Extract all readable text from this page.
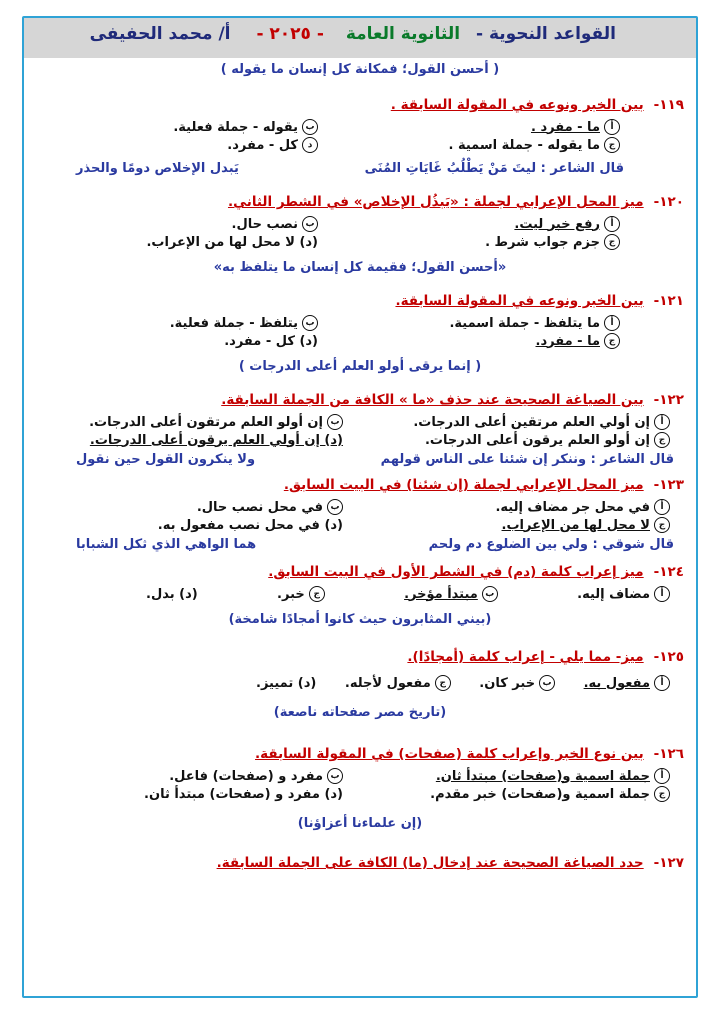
القواعد النحوية - الثانوية العامة - ٢٠٢٥ - أ/ محمد الحفيفى
( أحسن القول؛ فمكانة كل إنسان ما يقوله )
١١٩-
بين الخبر ونوعه في المقولة السابقة .
أ
ما - مفرد .
ب
يقوله - جملة فعلية.
ج
ما يقوله - جملة اسمية .
د
كل - مفرد.
قال الشاعر : ليتَ مَنْ يَطْلُبُ غَايَاتِ المُنَى
يَبدل الإخلاص دومًا والحذر
١٢٠-
ميز المحل الإعرابي لجملة : «يَبذُل الإخلاص» في الشطر الثاني.
أ
رفع خبر ليت.
ب
نصب حال.
ج
جزم جواب شرط .
(د) لا محل لها من الإعراب.
«أحسن القول؛ فقيمة كل إنسان ما يتلفظ به»
١٢١-
بين الخبر ونوعه في المقولة السابقة.
أ
ما يتلفظ - جملة اسمية.
ب
يتلفظ - جملة فعلية.
ج
ما - مفرد.
(د) كل - مفرد.
( إنما يرقى أولو العلم أعلى الدرجات )
١٢٢-
بين الصياغة الصحيحة عند حذف «ما » الكافة من الجملة السابقة.
أ
إن أولي العلم مرتقين أعلى الدرجات.
ب
إن أولو العلم مرتقون أعلى الدرجات.
ج
إن أولو العلم يرقون أعلى الدرجات.
(د) إن أولي العلم يرقون أعلى الدرجات.
قال الشاعر : وننكر إن شئنا على الناس قولهم
ولا ينكرون القول حين نقول
١٢٣-
ميز المحل الإعرابي لجملة (إن شئنا) في البيت السابق.
أ
في محل جر مضاف إليه.
ب
في محل نصب حال.
ج
لا محل لها من الإعراب.
(د) في محل نصب مفعول به.
قال شوقي : ولي بين الضلوع دم ولحم
هما الواهي الذي ثكل الشبابا
١٢٤-
ميز إعراب كلمة (دم) في الشطر الأول في البيت السابق.
أ
مضاف إليه.
ب
مبتدأ مؤخر.
ج
خبر.
(د) بدل.
(بيني المثابرون حيث كانوا أمجادًا شامخة)
١٢٥-
ميز- مما يلي - إعراب كلمة (أمجادًا).
أ
مفعول به.
ب
خبر كان.
ج
مفعول لأجله.
(د) تمييز.
(تاريخ مصر صفحاته ناصعة)
١٢٦-
بين نوع الخبر وإعراب كلمة (صفحات) في المقولة السابقة.
أ
جملة اسمية و(صفحات) مبتدأ ثان.
ب
مفرد و (صفحات) فاعل.
ج
جملة اسمية و(صفحات) خبر مقدم.
(د) مفرد و (صفحات) مبتدأ ثان.
(إن علماءنا أعزاؤنا)
١٢٧-
حدد الصياغة الصحيحة عند إدخال (ما) الكافة على الجملة السابقة.
